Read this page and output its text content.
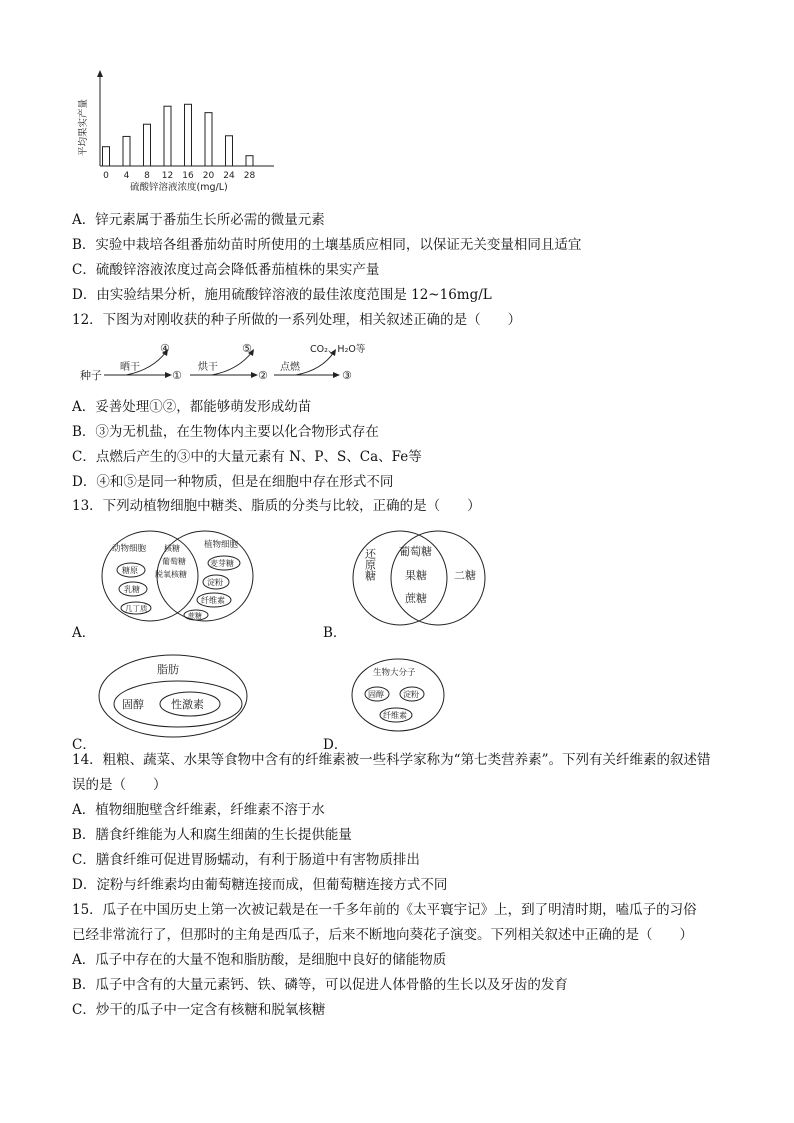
平均果实产量
0 4 8 12 16 20 24 28
硫酸锌溶液浓度(mg/L)
A．锌元素属于番茄生长所必需的微量元素
B．实验中栽培各组番茄幼苗时所使用的土壤基质应相同，以保证无关变量相同且适宜
C．硫酸锌溶液浓度过高会降低番茄植株的果实产量
D．由实验结果分析，施用硫酸锌溶液的最佳浓度范围是 12~16mg/L
12．下图为对刚收获的种子所做的一系列处理，相关叙述正确的是（　　）
种子
晒干
④
①
烘干
⑤
②
点燃
CO₂、H₂O等
③
A．妥善处理①②，都能够萌发形成幼苗
B．③为无机盐，在生物体内主要以化合物形式存在
C．点燃后产生的③中的大量元素有 N、P、S、Ca、Fe等
D．④和⑤是同一种物质，但是在细胞中存在形式不同
13．下列动植物细胞中糖类、脂质的分类与比较，正确的是（　　）
动物细胞
糖原
乳糖
几丁质
核糖
葡萄糖
脱氧核糖
植物细胞
麦芽糖
淀粉
纤维素
蔗糖
A．
还原糖 葡萄糖
果糖
蔗糖
二糖
B．
脂肪
固醇 性激素
C．
生物大分子
固醇 淀粉
纤维素
D．
14．粗粮、蔬菜、水果等食物中含有的纤维素被一些科学家称为“第七类营养素”。下列有关纤维素的叙述错
误的是（　　）
A．植物细胞壁含纤维素，纤维素不溶于水
B．膳食纤维能为人和腐生细菌的生长提供能量
C．膳食纤维可促进胃肠蠕动，有利于肠道中有害物质排出
D．淀粉与纤维素均由葡萄糖连接而成，但葡萄糖连接方式不同
15．瓜子在中国历史上第一次被记载是在一千多年前的《太平寰宇记》上，到了明清时期，嗑瓜子的习俗
已经非常流行了，但那时的主角是西瓜子，后来不断地向葵花子演变。下列相关叙述中正确的是（　　）
A．瓜子中存在的大量不饱和脂肪酸，是细胞中良好的储能物质
B．瓜子中含有的大量元素钙、铁、磷等，可以促进人体骨骼的生长以及牙齿的发育
C．炒干的瓜子中一定含有核糖和脱氧核糖
